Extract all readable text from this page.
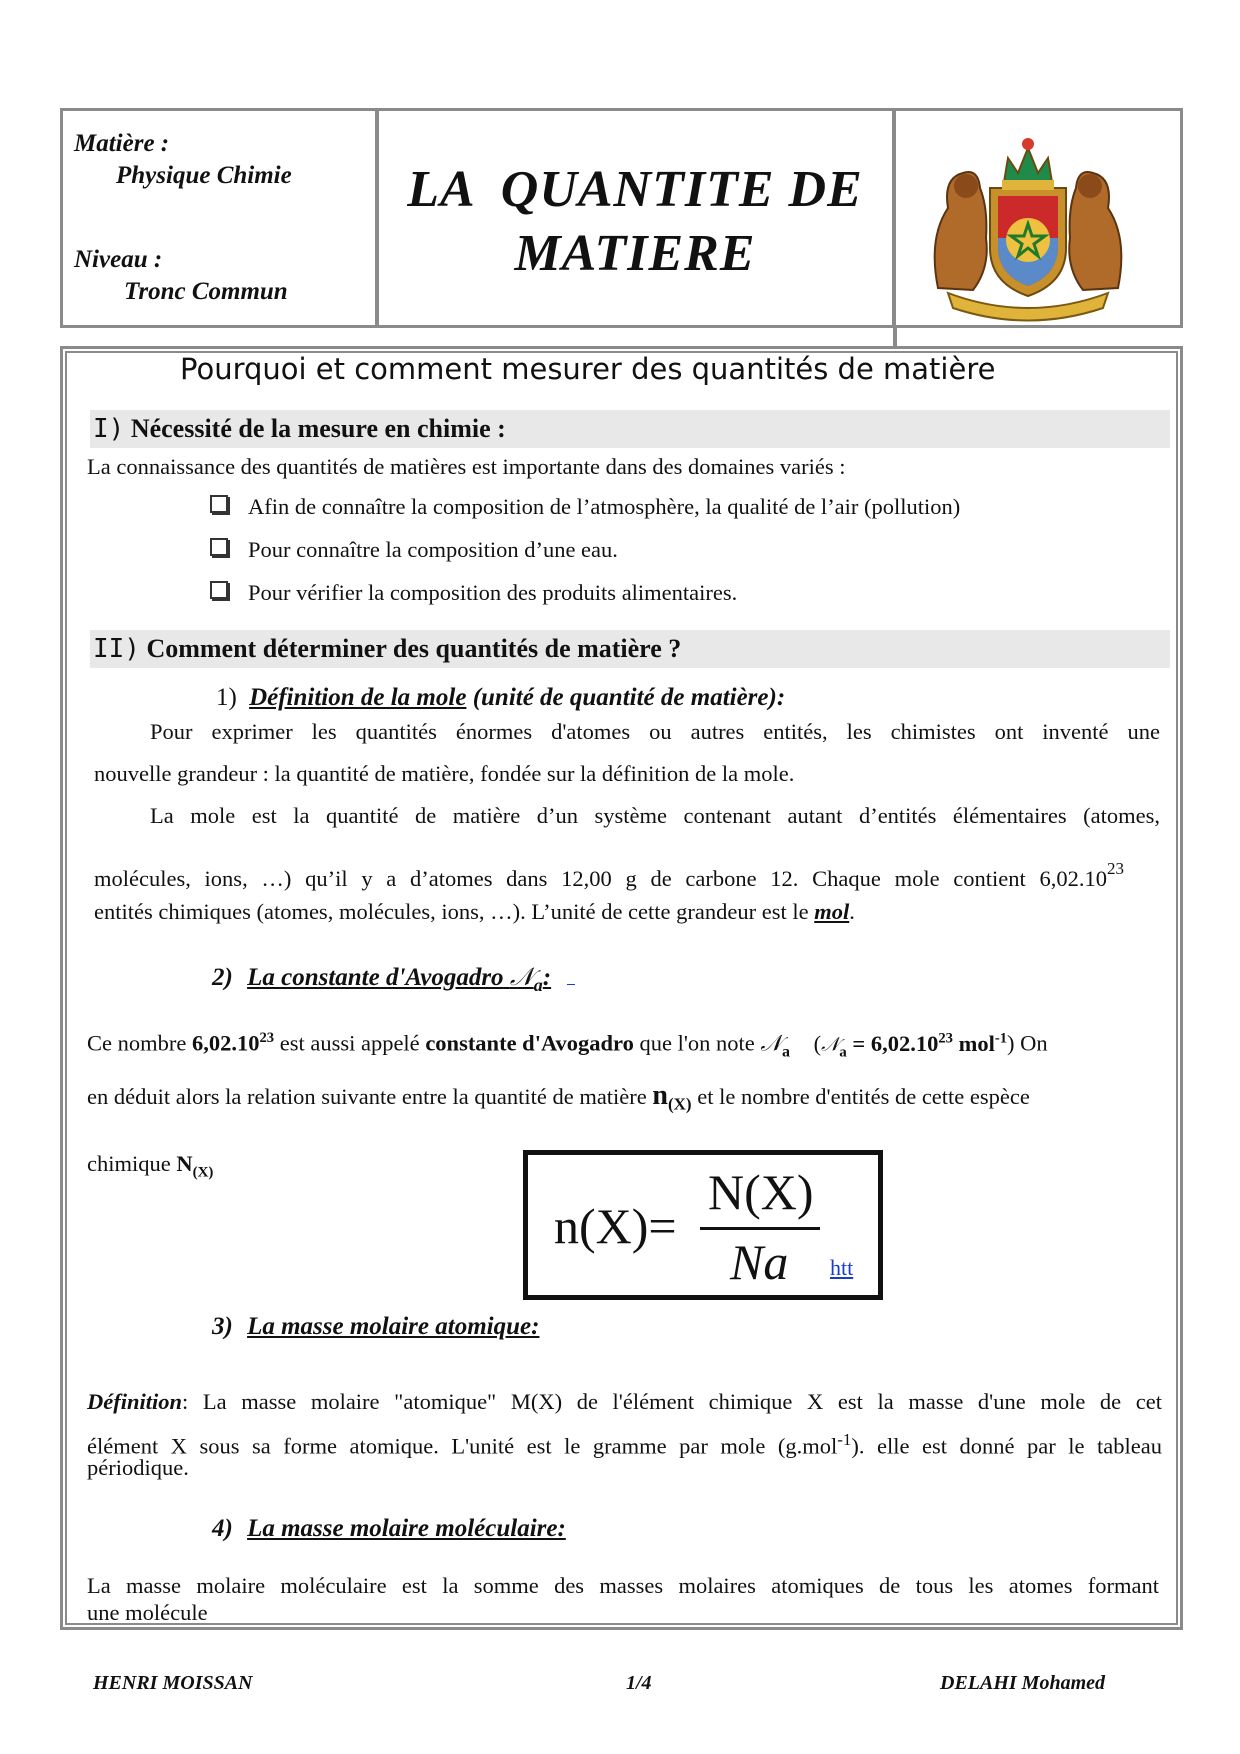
Matière :
Physique Chimie
Niveau :
Tronc Commun
LA  QUANTITE DE
MATIERE
Pourquoi et comment mesurer des quantités de matière
I) Nécessité de la mesure en chimie :
La connaissance des quantités de matières est importante dans des domaines variés :
Afin de connaître la composition de l’atmosphère, la qualité de l’air (pollution)
Pour connaître la composition d’une eau.
Pour vérifier la composition des produits alimentaires.
II) Comment déterminer des quantités de matière ?
1) Définition de la mole (unité de quantité de matière):
Pour exprimer les quantités énormes d'atomes ou autres entités, les chimistes ont inventé une
nouvelle grandeur : la quantité de matière, fondée sur la définition de la mole.
La mole est la quantité de matière d’un système contenant autant d’entités élémentaires (atomes,
molécules, ions, …) qu’il y a d’atomes dans 12,00 g de carbone 12. Chaque mole contient 6,02.10$^{23}$
entités chimiques (atomes, molécules, ions, …). L’unité de cette grandeur est le mol.
2) La constante d'Avogadro 𝒩$_a$:
Ce nombre 6,02.10$^{23}$ est aussi appelé constante d'Avogadro que l'on note 𝒩$_a$ (𝒩$_a$ = $6,02.10^{23}$ mol$^{-1}$) On
en déduit alors la relation suivante entre la quantité de matière $n_{(X)}$ et le nombre d'entités de cette espèce
chimique $N_{(X)}$
n(X)=
N(X)
Na htt
3) La masse molaire atomique:
Définition: La masse molaire "atomique" M(X) de l'élément chimique X est la masse d'une mole de cet
élément X sous sa forme atomique. L'unité est le gramme par mole (g.mol$^{-1}$). elle est donné par le tableau
périodique.
4) La masse molaire moléculaire:
La masse molaire moléculaire est la somme des masses molaires atomiques de tous les atomes formant
une molécule
HENRI MOISSAN	1/4	DELAHI Mohamed
